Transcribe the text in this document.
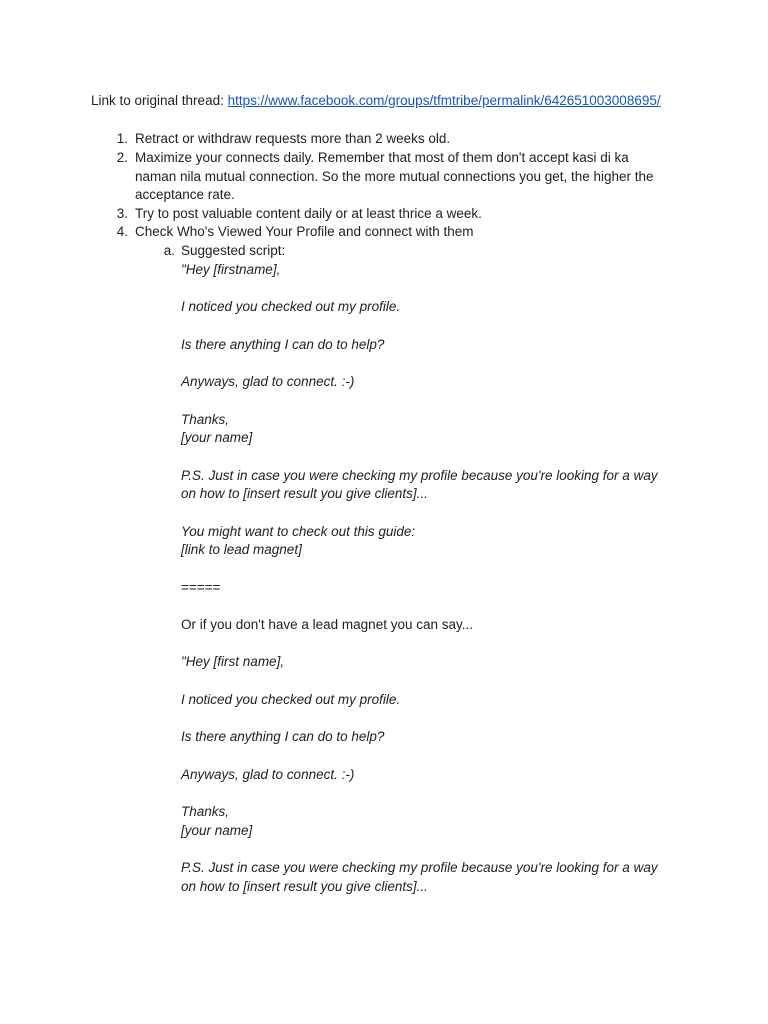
Link to original thread: https://www.facebook.com/groups/tfmtribe/permalink/642651003008695/
1. Retract or withdraw requests more than 2 weeks old.
2. Maximize your connects daily. Remember that most of them don't accept kasi di ka
naman nila mutual connection. So the more mutual connections you get, the higher the
acceptance rate.
3. Try to post valuable content daily or at least thrice a week.
4. Check Who's Viewed Your Profile and connect with them
a. Suggested script:
"Hey [firstname],
I noticed you checked out my profile.
Is there anything I can do to help?
Anyways, glad to connect. :-)
Thanks,
[your name]
P.S. Just in case you were checking my profile because you're looking for a way
on how to [insert result you give clients]...
You might want to check out this guide:
[link to lead magnet]
=====
Or if you don't have a lead magnet you can say...
"Hey [first name],
I noticed you checked out my profile.
Is there anything I can do to help?
Anyways, glad to connect. :-)
Thanks,
[your name]
P.S. Just in case you were checking my profile because you're looking for a way
on how to [insert result you give clients]...
